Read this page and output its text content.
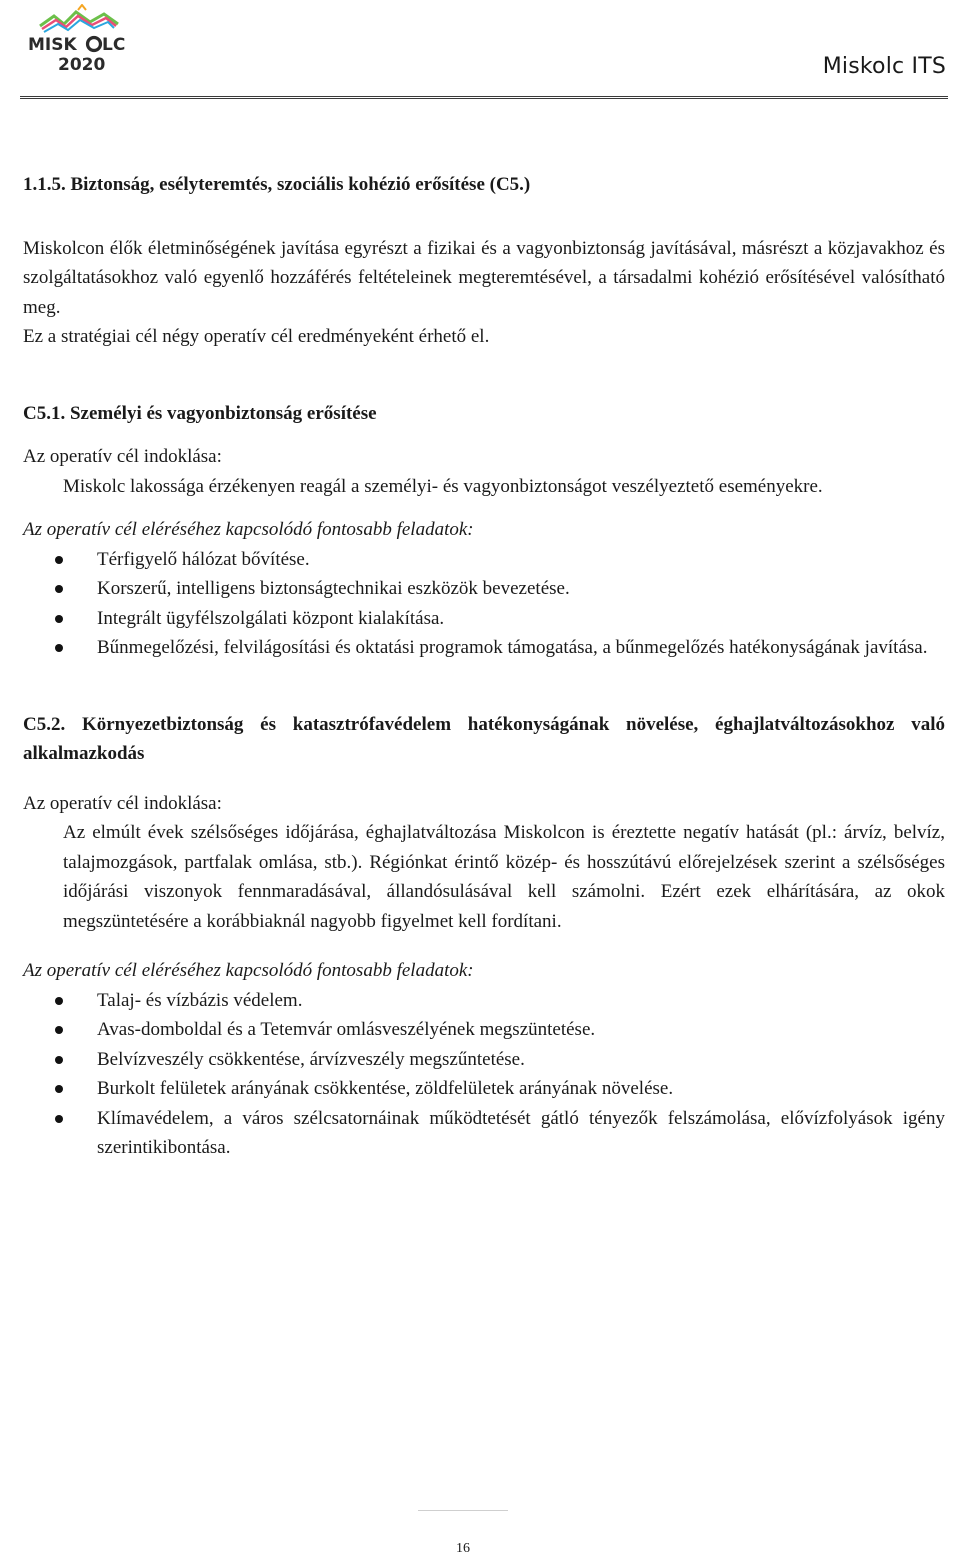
MISK LC
2020	Miskolc ITS
1.1.5. Biztonság, esélyteremtés, szociális kohézió erősítése (C5.)

Miskolcon élők életminőségének javítása egyrészt a fizikai és a vagyonbiztonság javításával, másrészt a közjavakhoz és szolgáltatásokhoz való egyenlő hozzáférés feltételeinek megteremtésével, a társadalmi kohézió erősítésével valósítható meg.

Ez a stratégiai cél négy operatív cél eredményeként érhető el.

C5.1. Személyi és vagyonbiztonság erősítése

Az operatív cél indoklása:

Miskolc lakossága érzékenyen reagál a személyi- és vagyonbiztonságot veszélyeztető eseményekre.

Az operatív cél eléréséhez kapcsolódó fontosabb feladatok:

Térfigyelő hálózat bővítése.
Korszerű, intelligens biztonságtechnikai eszközök bevezetése.
Integrált ügyfélszolgálati központ kialakítása.
Bűnmegelőzési, felvilágosítási és oktatási programok támogatása, a bűnmegelőzés hatékonyságának javítása.
C5.2. Környezetbiztonság és katasztrófavédelem hatékonyságának növelése, éghajlatváltozásokhoz való alkalmazkodás

Az operatív cél indoklása:

Az elmúlt évek szélsőséges időjárása, éghajlatváltozása Miskolcon is éreztette negatív hatását (pl.: árvíz, belvíz, talajmozgások, partfalak omlása, stb.). Régiónkat érintő közép- és hosszútávú előrejelzések szerint a szélsőséges időjárási viszonyok fennmaradásával, állandósulásával kell számolni. Ezért ezek elhárítására, az okok megszüntetésére a korábbiaknál nagyobb figyelmet kell fordítani.

Az operatív cél eléréséhez kapcsolódó fontosabb feladatok:

Talaj- és vízbázis védelem.
Avas-domboldal és a Tetemvár omlásveszélyének megszüntetése.
Belvízveszély csökkentése, árvízveszély megszűntetése.
Burkolt felületek arányának csökkentése, zöldfelületek arányának növelése.
Klímavédelem, a város szélcsatornáinak működtetését gátló tényezők felszámolása, elővízfolyások igény szerintikibontása.
16
